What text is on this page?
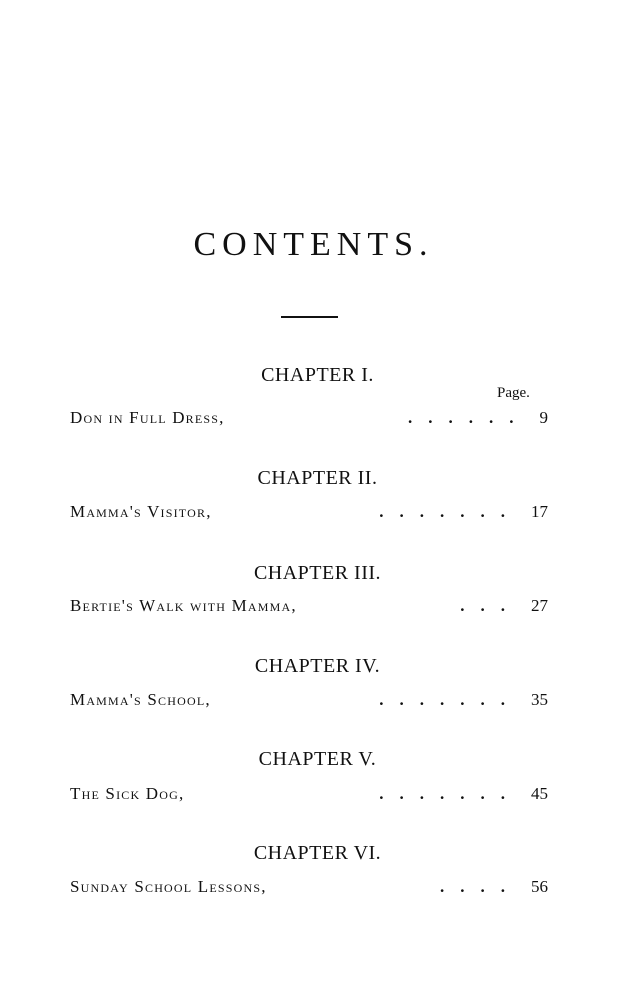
CONTENTS.
Page.
CHAPTER I.
Don in Full Dress,	...... 9
CHAPTER II.
Mamma's Visitor,	....... 17
CHAPTER III.
Bertie's Walk with Mamma,	... 27
CHAPTER IV.
Mamma's School,	....... 35
CHAPTER V.
The Sick Dog,	....... 45
CHAPTER VI.
Sunday School Lessons,	.... 56
